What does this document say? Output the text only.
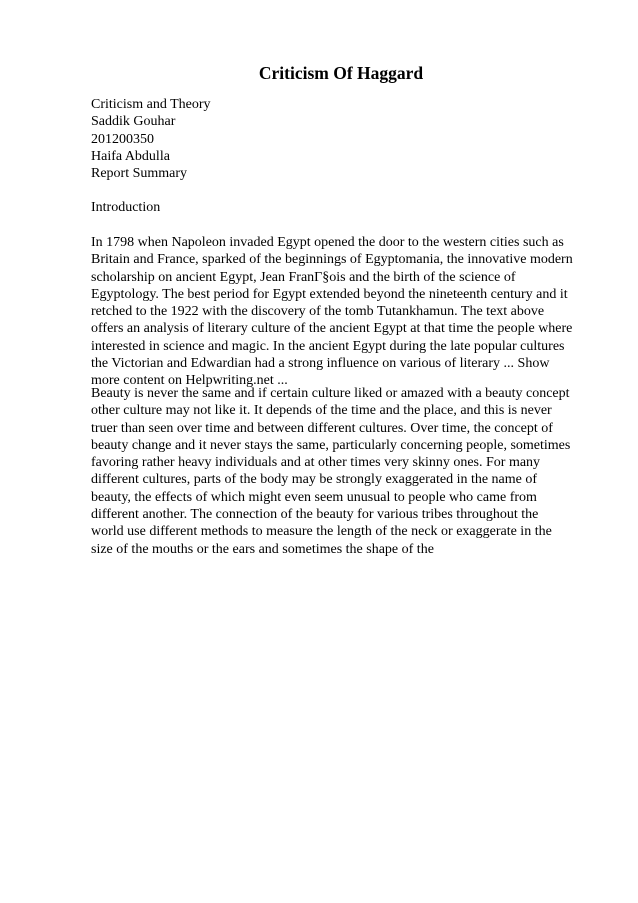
Criticism Of Haggard
Criticism and Theory
Saddik Gouhar
201200350
Haifa Abdulla
Report Summary
Introduction
In 1798 when Napoleon invaded Egypt opened the door to the western cities such as
Britain and France, sparked of the beginnings of Egyptomania, the innovative modern
scholarship on ancient Egypt, Jean FranΓ§ois and the birth of the science of
Egyptology. The best period for Egypt extended beyond the nineteenth century and it
retched to the 1922 with the discovery of the tomb Tutankhamun. The text above
offers an analysis of literary culture of the ancient Egypt at that time the people where
interested in science and magic. In the ancient Egypt during the late popular cultures
the Victorian and Edwardian had a strong influence on various of literary ... Show
more content on Helpwriting.net ...
Beauty is never the same and if certain culture liked or amazed with a beauty concept
other culture may not like it. It depends of the time and the place, and this is never
truer than seen over time and between different cultures. Over time, the concept of
beauty change and it never stays the same, particularly concerning people, sometimes
favoring rather heavy individuals and at other times very skinny ones. For many
different cultures, parts of the body may be strongly exaggerated in the name of
beauty, the effects of which might even seem unusual to people who came from
different another. The connection of the beauty for various tribes throughout the
world use different methods to measure the length of the neck or exaggerate in the
size of the mouths or the ears and sometimes the shape of the
